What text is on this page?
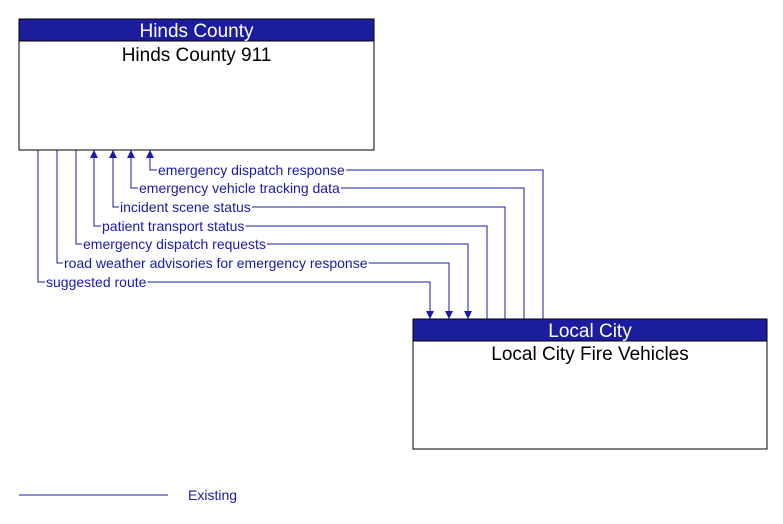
emergency dispatch response
emergency vehicle tracking data
incident scene status
patient transport status
emergency dispatch requests
road weather advisories for emergency response
suggested route
Hinds County
Hinds County 911
Local City
Local City Fire Vehicles
Existing
